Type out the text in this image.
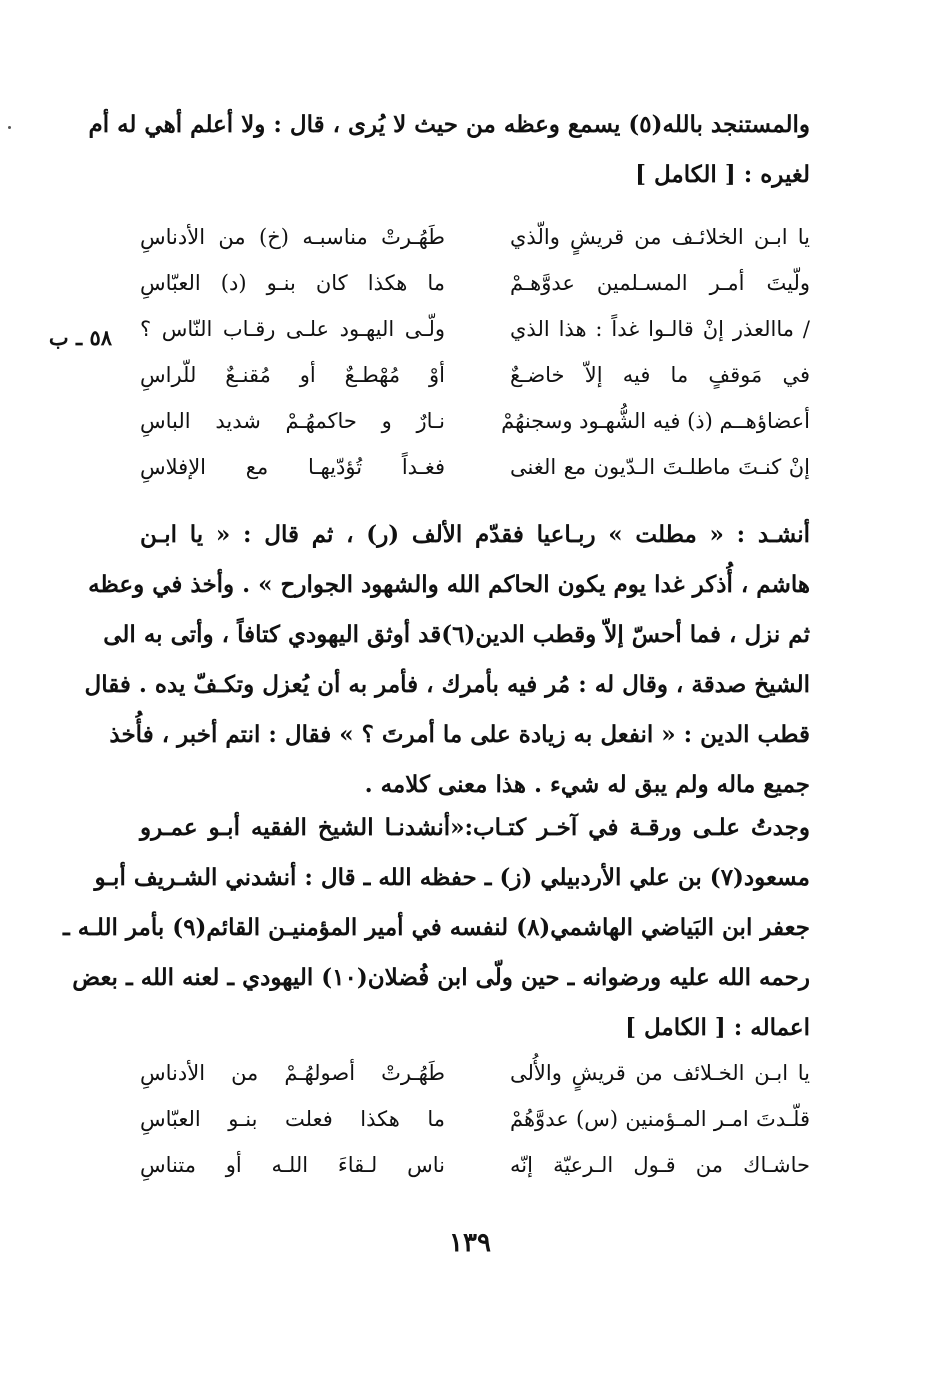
والمستنجد بالله(٥) يسمع وعظه من حيث لا يُرى ، قال : ولا أعلم أهي له أم
لغيره : [ الكامل ]
يا ابـن الخلائـف من قريشٍ والّذي
طَهُـرتْ مناسبـه (خ) من الأدناسِ
ولّيتَ أمـر المسـلمين عدوَّهـمْ
ما هكذا كان بنـو (د) العبّاسِ
/ ماالعذر إنْ قالـوا غداً : هذا الذي
ولّـى اليهـود علـى رقـاب النّاس ؟
في مَوقفٍ ما فيه إلاّ خاضـعٌ
أوْ مُهْطـعٌ أو مُقنـعٌ للّراسِ
أعضاؤهــم (ذ) فيه الشُّهـود وسجنهُمْ
نـارٌ و حاكمهُـمْ شديد الباسِ
إنْ كنـتَ ماطلـتَ الـدّيون مع الغنى
فغـداً تُؤدّيهـا مع الإفلاسِ
٥٨ ـ ب
أنشـد : « مطلت » ربـاعيا فقدّم الألف (ر) ، ثم قال : « يا ابـن
هاشم ، أُذكر غدا يوم يكون الحاكم الله والشهود الجوارح » . وأخذ في وعظه
ثم نزل ، فما أحسّ إلاّ وقطب الدين(٦)قد أوثق اليهودي كتافاً ، وأتى به الى
الشيخ صدقة ، وقال له : مُر فيه بأمرك ، فأمر به أن يُعزل وتكـفّ يده . فقال
قطب الدين : « انفعل به زيادة على ما أمرتَ ؟ » فقال : انتم أخبر ، فأُخذ
جميع ماله ولم يبق له شيء . هذا معنى كلامه .
وجدتُ علـى ورقـة في آخـر كتـاب:«أنشدنـا الشيخ الفقيه أبـو عمـرو
مسعود(٧) بن علي الأردبيلي (ز) ـ حفظه الله ـ قال : أنشدني الشـريف أبـو
جعفر ابن البَياضي الهاشمي(٨) لنفسه في أمير المؤمنيـن القائم(٩) بأمر اللـه ـ
رحمه الله عليه ورضوانه ـ حين ولّى ابن فُضلان(١٠) اليهودي ـ لعنه الله ـ بعض
اعماله : [ الكامل ]
يا ابـن الخـلائف من قريشٍ والأُلى
طَهُـرتْ أصولهُـمْ من الأدناسِ
قلّـدتَ امـر المـؤمنين (س) عدوَّهُمْ
ما هكذا فعلت بنـو العبّاسِ
حاشـاك من قـول الـرعيّة إنّه
ناس لـقاءَ اللـه أو متناسِ
١٣٩
